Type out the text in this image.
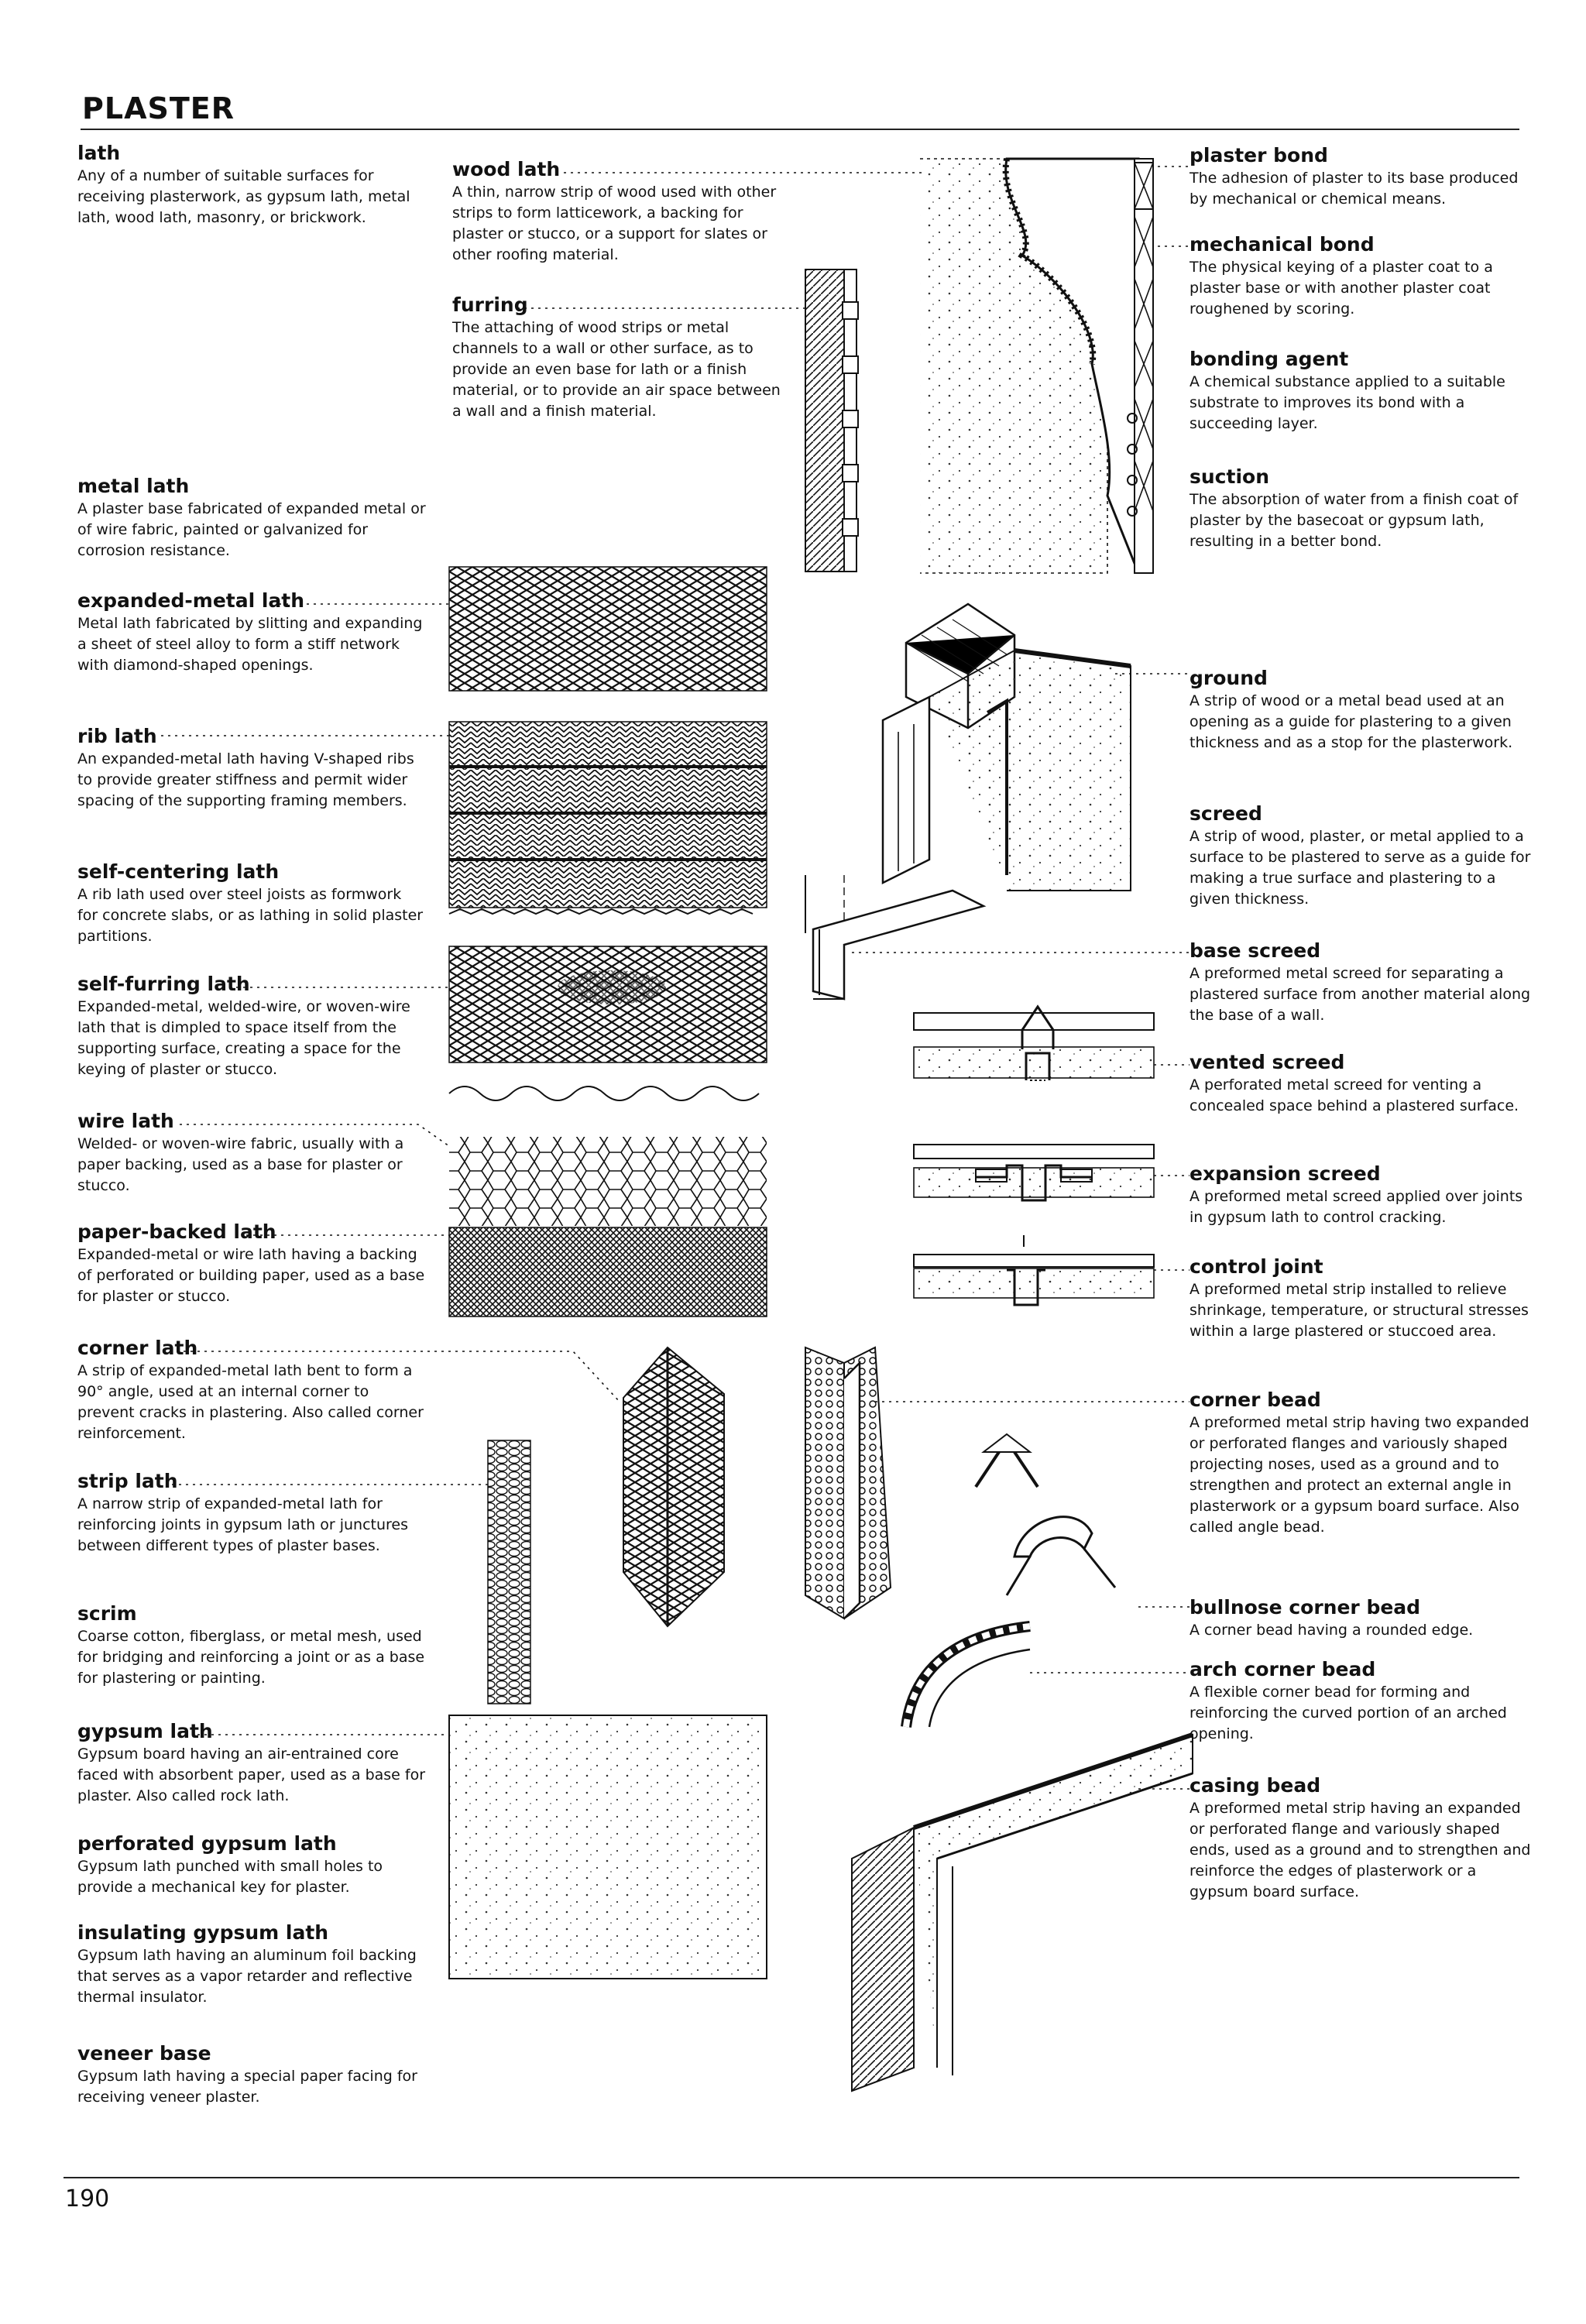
PLASTER

lath

Any of a number of suitable surfaces for receiving plasterwork, as gypsum lath, metal lath, wood lath, masonry, or brickwork.

metal lath

A plaster base fabricated of expanded metal or of wire fabric, painted or galvanized for corrosion resistance.

expanded-metal lath

Metal lath fabricated by slitting and expanding a sheet of steel alloy to form a stiff network with diamond-shaped openings.

rib lath

An expanded-metal lath having V-shaped ribs to provide greater stiffness and permit wider spacing of the supporting framing members.

self-centering lath

A rib lath used over steel joists as formwork for concrete slabs, or as lathing in solid plaster partitions.

self-furring lath

Expanded-metal, welded-wire, or woven-wire lath that is dimpled to space itself from the supporting surface, creating a space for the keying of plaster or stucco.

wire lath

Welded- or woven-wire fabric, usually with a paper backing, used as a base for plaster or stucco.

paper-backed lath

Expanded-metal or wire lath having a backing of perforated or building paper, used as a base for plaster or stucco.

corner lath

A strip of expanded-metal lath bent to form a 90° angle, used at an internal corner to prevent cracks in plastering. Also called corner reinforcement.

strip lath

A narrow strip of expanded-metal lath for reinforcing joints in gypsum lath or junctures between different types of plaster bases.

scrim

Coarse cotton, fiberglass, or metal mesh, used for bridging and reinforcing a joint or as a base for plastering or painting.

gypsum lath

Gypsum board having an air-entrained core faced with absorbent paper, used as a base for plaster. Also called rock lath.

perforated gypsum lath

Gypsum lath punched with small holes to provide a mechanical key for plaster.

insulating gypsum lath

Gypsum lath having an aluminum foil backing that serves as a vapor retarder and reflective thermal insulator.

veneer base

Gypsum lath having a special paper facing for receiving veneer plaster.

wood lath

A thin, narrow strip of wood used with other strips to form latticework, a backing for plaster or stucco, or a support for slates or other roofing material.

furring

The attaching of wood strips or metal channels to a wall or other surface, as to provide an even base for lath or a finish material, or to provide an air space between a wall and a finish material.

plaster bond

The adhesion of plaster to its base produced by mechanical or chemical means.

mechanical bond

The physical keying of a plaster coat to a plaster base or with another plaster coat roughened by scoring.

bonding agent

A chemical substance applied to a suitable substrate to improves its bond with a succeeding layer.

suction

The absorption of water from a finish coat of plaster by the basecoat or gypsum lath, resulting in a better bond.

ground

A strip of wood or a metal bead used at an opening as a guide for plastering to a given thickness and as a stop for the plasterwork.

screed

A strip of wood, plaster, or metal applied to a surface to be plastered to serve as a guide for making a true surface and plastering to a given thickness.

base screed

A preformed metal screed for separating a plastered surface from another material along the base of a wall.

vented screed

A perforated metal screed for venting a concealed space behind a plastered surface.

expansion screed

A preformed metal screed applied over joints in gypsum lath to control cracking.

control joint

A preformed metal strip installed to relieve shrinkage, temperature, or structural stresses within a large plastered or stuccoed area.

corner bead

A preformed metal strip having two expanded or perforated flanges and variously shaped projecting noses, used as a ground and to strengthen and protect an external angle in plasterwork or a gypsum board surface. Also called angle bead.

bullnose corner bead

A corner bead having a rounded edge.

arch corner bead

A flexible corner bead for forming and reinforcing the curved portion of an arched opening.

casing bead

A preformed metal strip having an expanded or perforated flange and variously shaped ends, used as a ground and to strengthen and reinforce the edges of plasterwork or a gypsum board surface.

190
